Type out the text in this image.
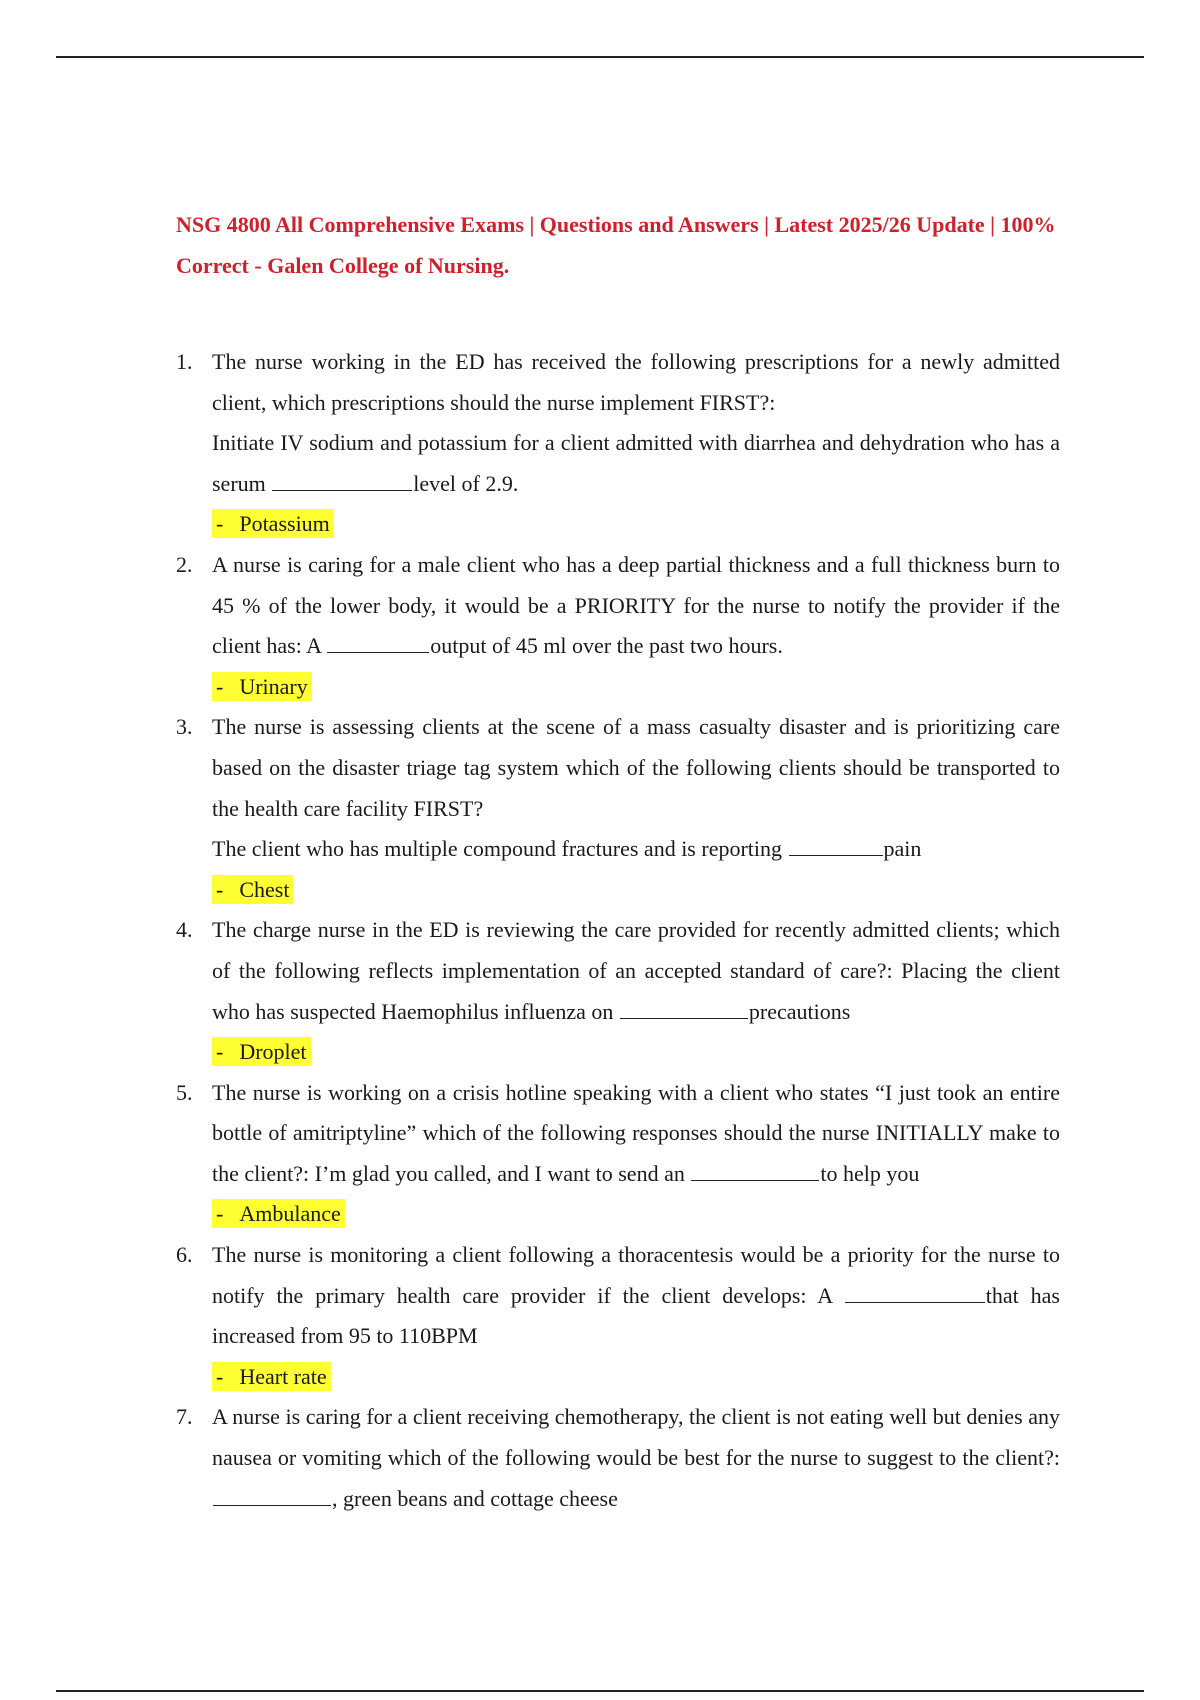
NSG 4800 All Comprehensive Exams | Questions and Answers | Latest 2025/26 Update | 100% Correct - Galen College of Nursing.
1. The nurse working in the ED has received the following prescriptions for a newly admitted client, which prescriptions should the nurse implement FIRST?:
Initiate IV sodium and potassium for a client admitted with diarrhea and dehydration who has a serum	level of 2.9.

- Potassium
2. A nurse is caring for a male client who has a deep partial thickness and a full thickness burn to 45 % of the lower body, it would be a PRIORITY for the nurse to notify the provider if the client has: A	output of 45 ml over the past two hours.

- Urinary
3. The nurse is assessing clients at the scene of a mass casualty disaster and is prioritizing care based on the disaster triage tag system which of the following clients should be transported to the health care facility FIRST?
The client who has multiple compound fractures and is reporting	pain

- Chest
4. The charge nurse in the ED is reviewing the care provided for recently admitted clients; which of the following reflects implementation of an accepted standard of care?: Placing the client who has suspected Haemophilus influenza on	precautions

- Droplet
5. The nurse is working on a crisis hotline speaking with a client who states “I just took an entire bottle of amitriptyline” which of the following responses should the nurse INITIALLY make to the client?: I’m glad you called, and I want to send an	to help you

- Ambulance
6. The nurse is monitoring a client following a thoracentesis would be a priority for the nurse to notify the primary health care provider if the client develops: A	that has increased from 95 to 110BPM

- Heart rate
7. A nurse is caring for a client receiving chemotherapy, the client is not eating well but denies any nausea or vomiting which of the following would be best for the nurse to suggest to the client?: , green beans and cottage cheese
